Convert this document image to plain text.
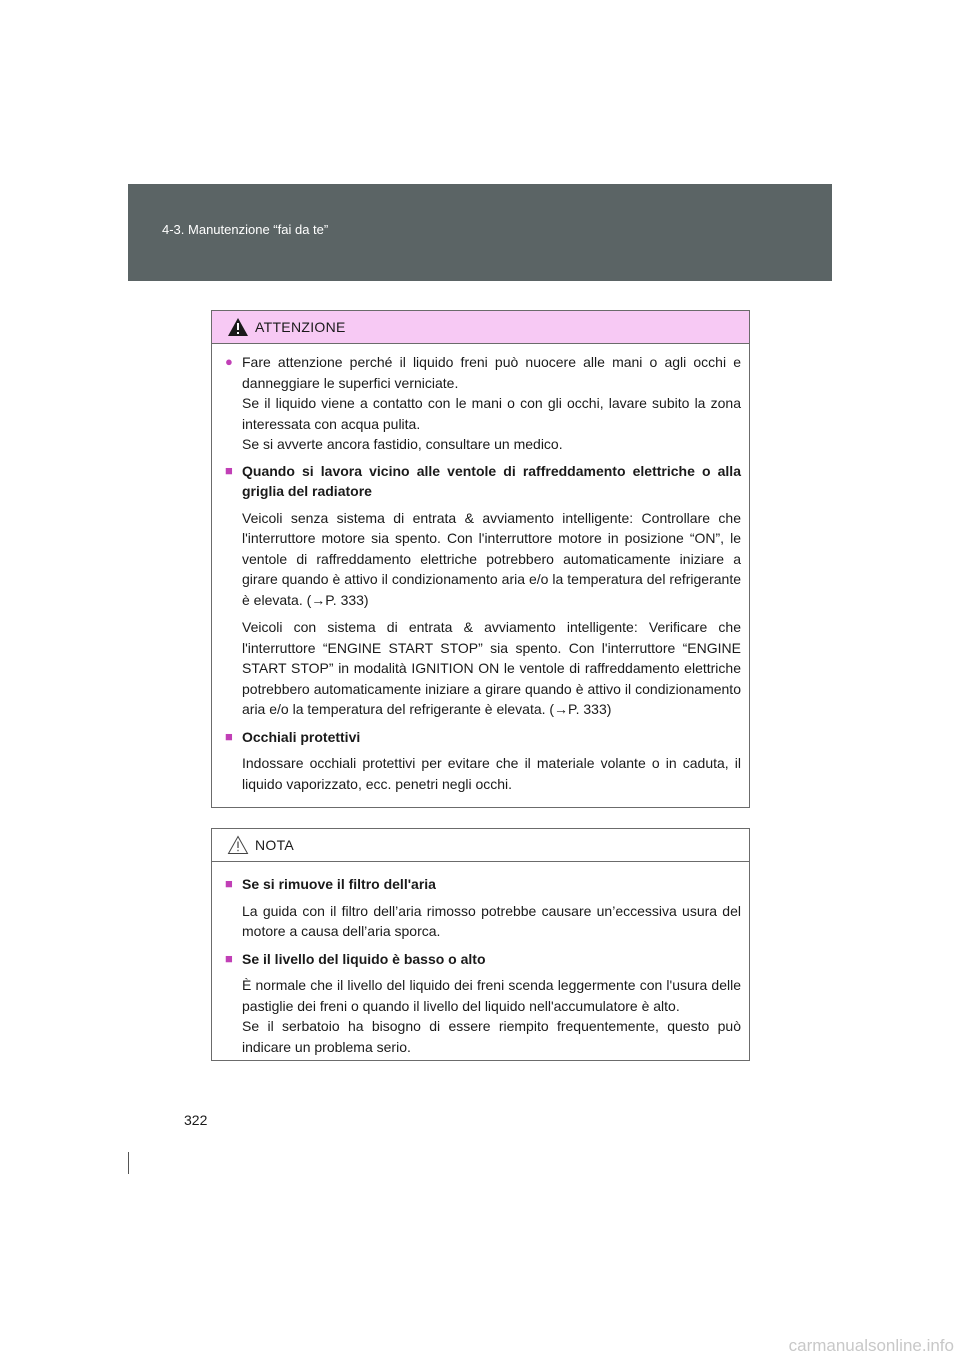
4-3. Manutenzione “fai da te”
ATTENZIONE
● Fare attenzione perché il liquido freni può nuocere alle mani o agli occhi e danneggiare le superfici verniciate.
Se il liquido viene a contatto con le mani o con gli occhi, lavare subito la zona interessata con acqua pulita.
Se si avverte ancora fastidio, consultare un medico.
■ Quando si lavora vicino alle ventole di raffreddamento elettriche o alla griglia del radiatore
Veicoli senza sistema di entrata & avviamento intelligente: Controllare che l'interruttore motore sia spento. Con l'interruttore motore in posizione “ON”, le ventole di raffreddamento elettriche potrebbero automaticamente iniziare a girare quando è attivo il condizionamento aria e/o la temperatura del refrigerante è elevata. (→P. 333)
Veicoli con sistema di entrata & avviamento intelligente: Verificare che l'interruttore “ENGINE START STOP” sia spento. Con l'interruttore “ENGINE START STOP” in modalità IGNITION ON le ventole di raffreddamento elettriche potrebbero automaticamente iniziare a girare quando è attivo il condizionamento aria e/o la temperatura del refrigerante è elevata. (→P. 333)
■ Occhiali protettivi
Indossare occhiali protettivi per evitare che il materiale volante o in caduta, il liquido vaporizzato, ecc. penetri negli occhi.
NOTA
■ Se si rimuove il filtro dell'aria
La guida con il filtro dell’aria rimosso potrebbe causare un’eccessiva usura del motore a causa dell’aria sporca.
■ Se il livello del liquido è basso o alto
È normale che il livello del liquido dei freni scenda leggermente con l'usura delle pastiglie dei freni o quando il livello del liquido nell'accumulatore è alto.
Se il serbatoio ha bisogno di essere riempito frequentemente, questo può indicare un problema serio.
322
carmanualsonline.info
